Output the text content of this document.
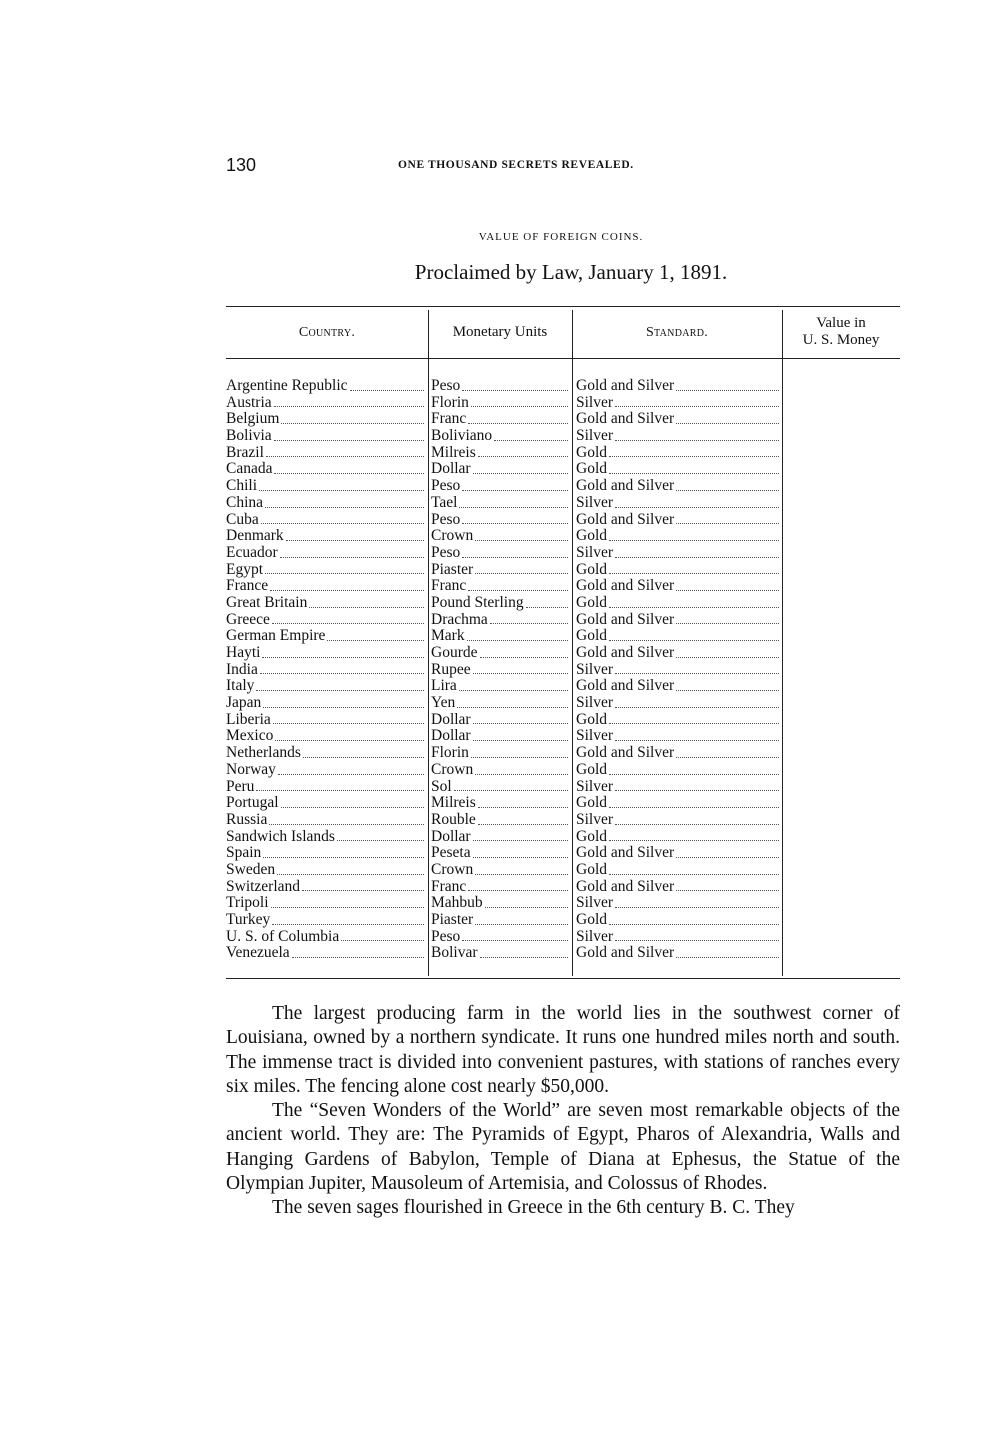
130	ONE THOUSAND SECRETS REVEALED.
VALUE OF FOREIGN COINS.
Proclaimed by Law, January 1, 1891.
Country.	Monetary Units	Standard.
Value in
U. S. Money
Argentine Republic	Peso	Gold and Silver
Austria	Florin	Silver
Belgium	Franc	Gold and Silver
Bolivia	Boliviano	Silver
Brazil	Milreis	Gold
Canada	Dollar	Gold
Chili	Peso	Gold and Silver
China	Tael	Silver
Cuba	Peso	Gold and Silver
Denmark	Crown	Gold
Ecuador	Peso	Silver
Egypt	Piaster	Gold
France	Franc	Gold and Silver
Great Britain	Pound Sterling	Gold
Greece	Drachma	Gold and Silver
German Empire	Mark	Gold
Hayti	Gourde	Gold and Silver
India	Rupee	Silver
Italy	Lira	Gold and Silver
Japan	Yen	Silver
Liberia	Dollar	Gold
Mexico	Dollar	Silver
Netherlands	Florin	Gold and Silver
Norway	Crown	Gold
Peru	Sol	Silver
Portugal	Milreis	Gold
Russia	Rouble	Silver
Sandwich Islands	Dollar	Gold
Spain	Peseta	Gold and Silver
Sweden	Crown	Gold
Switzerland	Franc	Gold and Silver
Tripoli	Mahbub	Silver
Turkey	Piaster	Gold
U. S. of Columbia	Peso	Silver
Venezuela	Bolivar	Gold and Silver

The largest producing farm in the world lies in the southwest corner of Louisiana, owned by a northern syndicate. It runs one hundred miles north and south. The immense tract is divided into convenient pastures, with stations of ranches every six miles. The fencing alone cost nearly $50,000.

The “Seven Wonders of the World” are seven most remarkable objects of the ancient world. They are: The Pyramids of Egypt, Pharos of Alexandria, Walls and Hanging Gardens of Babylon, Temple of Diana at Ephesus, the Statue of the Olympian Jupiter, Mausoleum of Artemisia, and Colossus of Rhodes.

The seven sages flourished in Greece in the 6th century B. C. They
